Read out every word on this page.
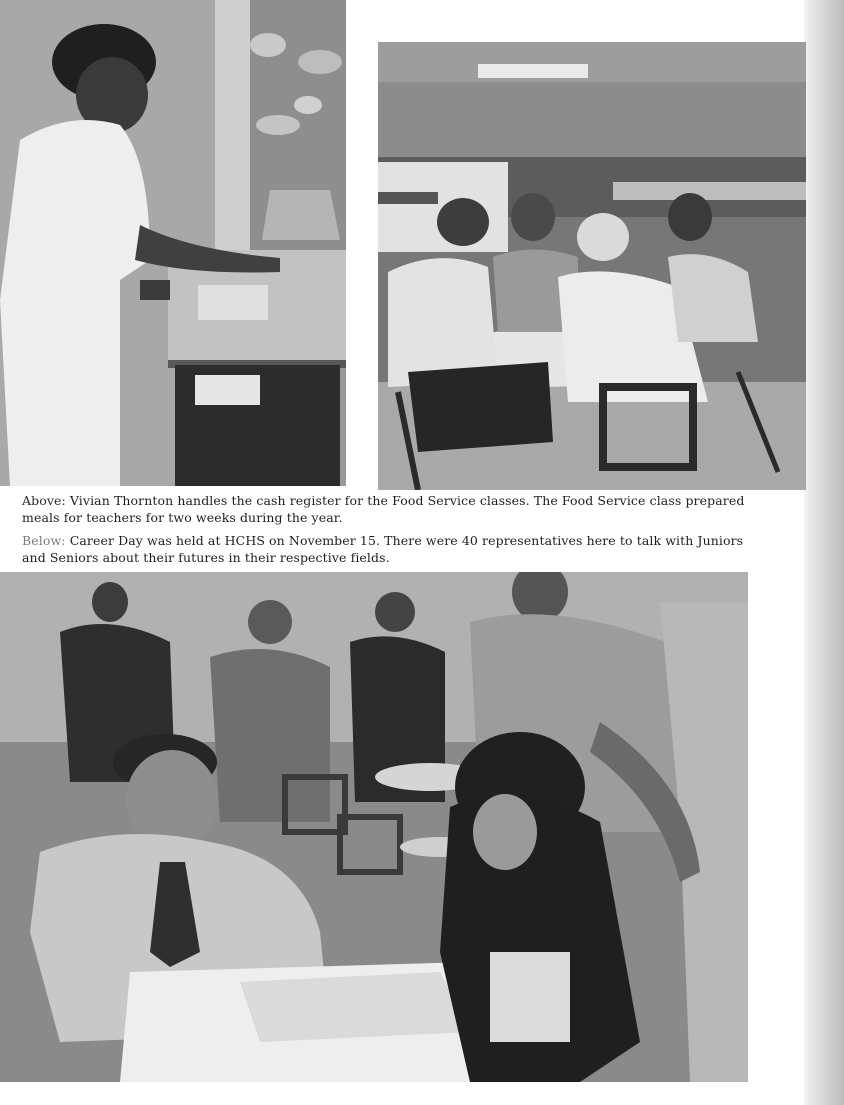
Above: Vivian Thornton handles the cash register for the Food Service classes. The Food Service class prepared meals for teachers for two weeks during the year.

Below: Career Day was held at HCHS on November 15. There were 40 representatives here to talk with Juniors and Seniors about their futures in their respective fields.
